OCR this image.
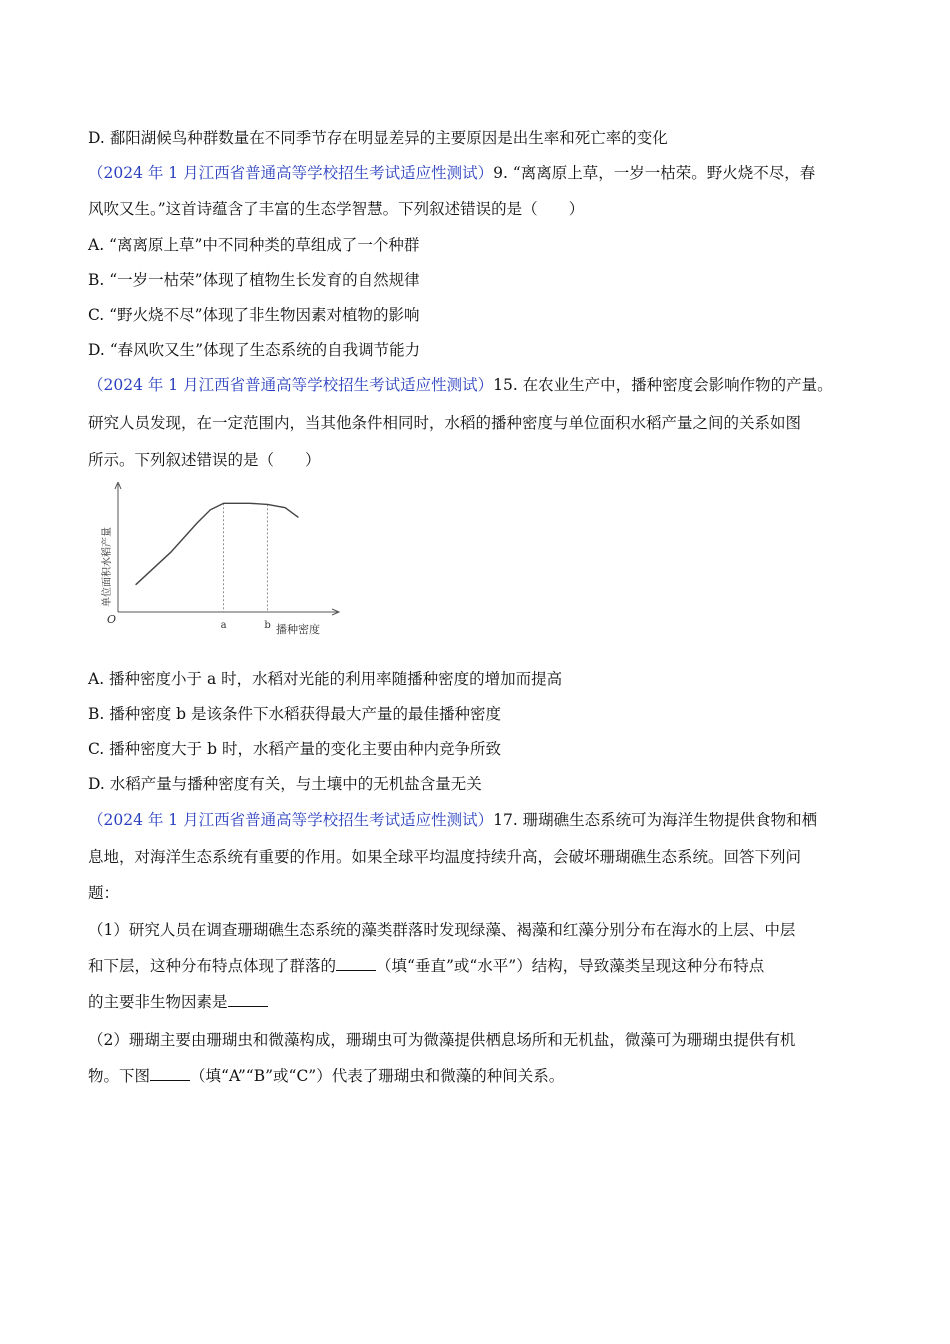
D. 鄱阳湖候鸟种群数量在不同季节存在明显差异的主要原因是出生率和死亡率的变化
（2024 年 1 月江西省普通高等学校招生考试适应性测试）9. “离离原上草，一岁一枯荣。野火烧不尽，春
风吹又生。”这首诗蕴含了丰富的生态学智慧。下列叙述错误的是（　　）
A. “离离原上草”中不同种类的草组成了一个种群
B. “一岁一枯荣”体现了植物生长发育的自然规律
C. “野火烧不尽”体现了非生物因素对植物的影响
D. “春风吹又生”体现了生态系统的自我调节能力
（2024 年 1 月江西省普通高等学校招生考试适应性测试）15. 在农业生产中，播种密度会影响作物的产量。
研究人员发现，在一定范围内，当其他条件相同时，水稻的播种密度与单位面积水稻产量之间的关系如图
所示。下列叙述错误的是（　　）
单位面积水稻产量
播种密度
O	a	b
A. 播种密度小于 a 时，水稻对光能的利用率随播种密度的增加而提高
B. 播种密度 b 是该条件下水稻获得最大产量的最佳播种密度
C. 播种密度大于 b 时，水稻产量的变化主要由种内竞争所致
D. 水稻产量与播种密度有关，与土壤中的无机盐含量无关
（2024 年 1 月江西省普通高等学校招生考试适应性测试）17. 珊瑚礁生态系统可为海洋生物提供食物和栖
息地，对海洋生态系统有重要的作用。如果全球平均温度持续升高，会破坏珊瑚礁生态系统。回答下列问
题：
（1）研究人员在调查珊瑚礁生态系统的藻类群落时发现绿藻、褐藻和红藻分别分布在海水的上层、中层
和下层，这种分布特点体现了群落的	（填“垂直”或“水平”）结构，导致藻类呈现这种分布特点
的主要非生物因素是
（2）珊瑚主要由珊瑚虫和微藻构成，珊瑚虫可为微藻提供栖息场所和无机盐，微藻可为珊瑚虫提供有机
物。下图	（填“A”“B”或“C”）代表了珊瑚虫和微藻的种间关系。
